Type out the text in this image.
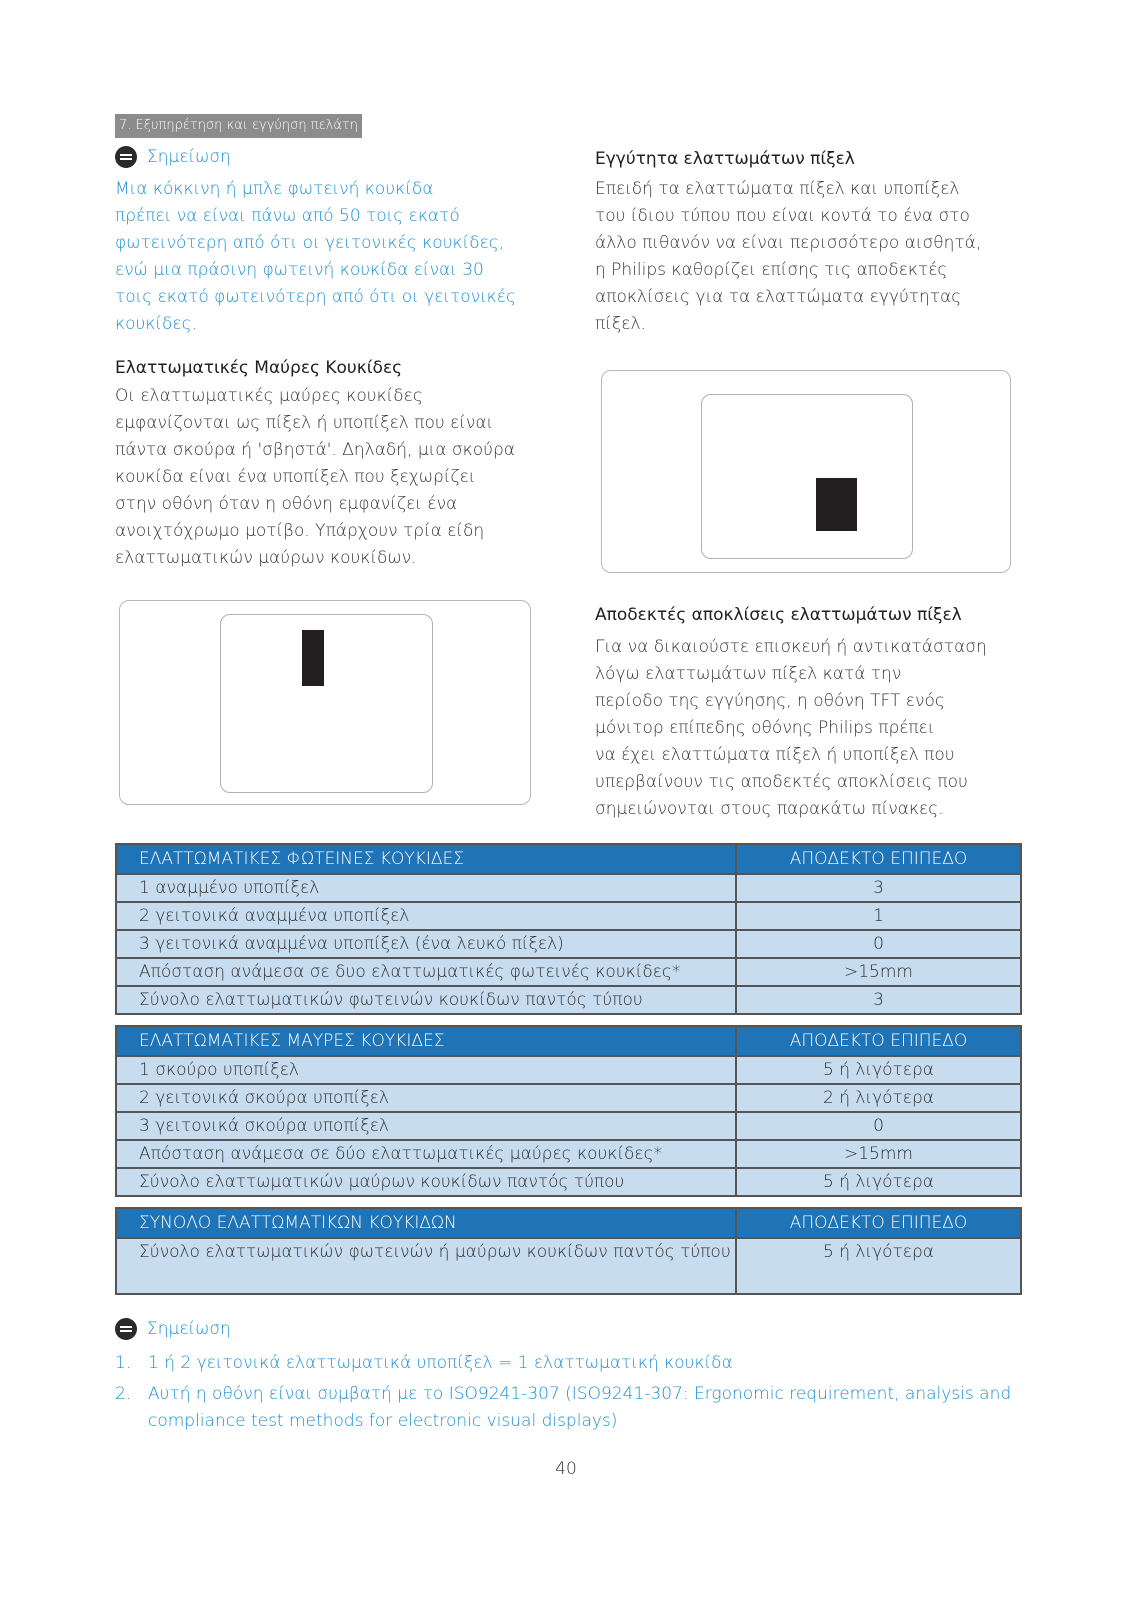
7. Εξυπηρέτηση και εγγύηση πελάτη
Σημείωση
Μια κόκκινη ή μπλε φωτεινή κουκίδα
πρέπει να είναι πάνω από 50 τοις εκατό
φωτεινότερη από ότι οι γειτονικές κουκίδες,
ενώ μια πράσινη φωτεινή κουκίδα είναι 30
τοις εκατό φωτεινότερη από ότι οι γειτονικές
κουκίδες.
Ελαττωματικές Μαύρες Κουκίδες
Οι ελαττωματικές μαύρες κουκίδες
εμφανίζονται ως πίξελ ή υποπίξελ που είναι
πάντα σκούρα ή 'σβηστά'. Δηλαδή, μια σκούρα
κουκίδα είναι ένα υποπίξελ που ξεχωρίζει
στην οθόνη όταν η οθόνη εμφανίζει ένα
ανοιχτόχρωμο μοτίβο. Υπάρχουν τρία είδη
ελαττωματικών μαύρων κουκίδων.
Εγγύτητα ελαττωμάτων πίξελ
Επειδή τα ελαττώματα πίξελ και υποπίξελ
του ίδιου τύπου που είναι κοντά το ένα στο
άλλο πιθανόν να είναι περισσότερο αισθητά,
η Philips καθορίζει επίσης τις αποδεκτές
αποκλίσεις για τα ελαττώματα εγγύτητας
πίξελ.
Αποδεκτές αποκλίσεις ελαττωμάτων πίξελ
Για να δικαιούστε επισκευή ή αντικατάσταση
λόγω ελαττωμάτων πίξελ κατά την
περίοδο της εγγύησης, η οθόνη TFT ενός
μόνιτορ επίπεδης οθόνης Philips πρέπει
να έχει ελαττώματα πίξελ ή υποπίξελ που
υπερβαίνουν τις αποδεκτές αποκλίσεις που
σημειώνονται στους παρακάτω πίνακες.
ΕΛΑΤΤΩΜΑΤΙΚΕΣ ΦΩΤΕΙΝΕΣ ΚΟΥΚΙΔΕΣ	ΑΠΟΔΕΚΤΟ ΕΠΙΠΕΔΟ
1 αναμμένο υποπίξελ	3
2 γειτονικά αναμμένα υποπίξελ	1
3 γειτονικά αναμμένα υποπίξελ (ένα λευκό πίξελ)	0
Απόσταση ανάμεσα σε δυο ελαττωματικές φωτεινές κουκίδες*	>15mm
Σύνολο ελαττωματικών φωτεινών κουκίδων παντός τύπου	3
ΕΛΑΤΤΩΜΑΤΙΚΕΣ ΜΑΥΡΕΣ ΚΟΥΚΙΔΕΣ	ΑΠΟΔΕΚΤΟ ΕΠΙΠΕΔΟ
1 σκούρο υποπίξελ	5 ή λιγότερα
2 γειτονικά σκούρα υποπίξελ	2 ή λιγότερα
3 γειτονικά σκούρα υποπίξελ	0
Απόσταση ανάμεσα σε δύο ελαττωματικές μαύρες κουκίδες*	>15mm
Σύνολο ελαττωματικών μαύρων κουκίδων παντός τύπου	5 ή λιγότερα
ΣΥΝΟΛΟ ΕΛΑΤΤΩΜΑΤΙΚΩΝ ΚΟΥΚΙΔΩΝ	ΑΠΟΔΕΚΤΟ ΕΠΙΠΕΔΟ
Σύνολο ελαττωματικών φωτεινών ή μαύρων κουκίδων παντός τύπου	5 ή λιγότερα
Σημείωση
1. 1 ή 2 γειτονικά ελαττωματικά υποπίξελ = 1 ελαττωματική κουκίδα
2. Αυτή η οθόνη είναι συμβατή με το ISO9241-307 (ISO9241-307: Ergonomic requirement, analysis and compliance test methods for electronic visual displays)
40
